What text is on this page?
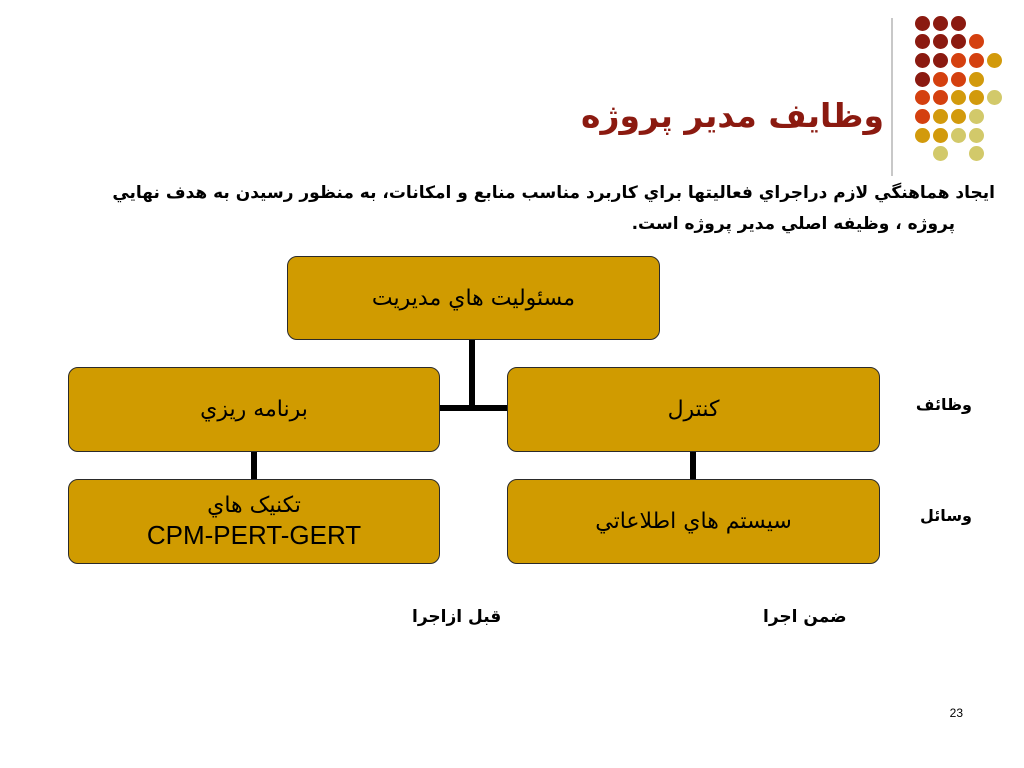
وظايف مدير پروژه
ايجاد هماهنگي لازم دراجراي فعاليتها براي كاربرد مناسب منابع و امكانات، به منظور رسيدن به هدف نهايي
پروژه ، وظيفه اصلي مدير پروژه است.
مسئوليت هاي مديريت
برنامه ريزي	كنترل
تكنيک هاي
CPM-PERT-GERT	سيستم هاي اطلاعاتي
وظائف
وسائل
قبل ازاجرا	ضمن اجرا
23
